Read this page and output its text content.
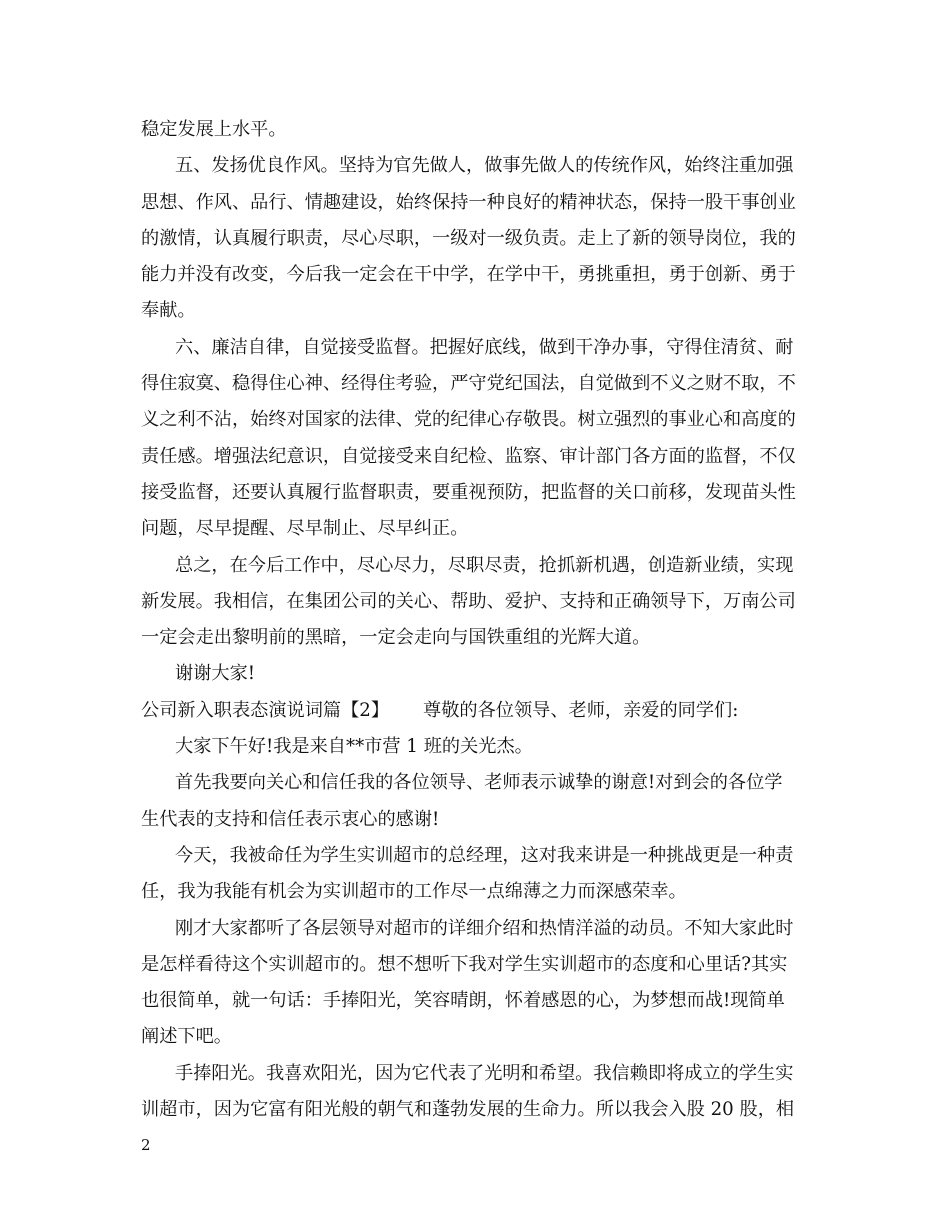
稳定发展上水平。
五、发扬优良作风。坚持为官先做人，做事先做人的传统作风，始终注重加强
思想、作风、品行、情趣建设，始终保持一种良好的精神状态，保持一股干事创业
的激情，认真履行职责，尽心尽职，一级对一级负责。走上了新的领导岗位，我的
能力并没有改变，今后我一定会在干中学，在学中干，勇挑重担，勇于创新、勇于
奉献。
六、廉洁自律，自觉接受监督。把握好底线，做到干净办事，守得住清贫、耐
得住寂寞、稳得住心神、经得住考验，严守党纪国法，自觉做到不义之财不取，不
义之利不沾，始终对国家的法律、党的纪律心存敬畏。树立强烈的事业心和高度的
责任感。增强法纪意识，自觉接受来自纪检、监察、审计部门各方面的监督，不仅
接受监督，还要认真履行监督职责，要重视预防，把监督的关口前移，发现苗头性
问题，尽早提醒、尽早制止、尽早纠正。
总之，在今后工作中，尽心尽力，尽职尽责，抢抓新机遇，创造新业绩，实现
新发展。我相信，在集团公司的关心、帮助、爱护、支持和正确领导下，万南公司
一定会走出黎明前的黑暗，一定会走向与国铁重组的光辉大道。
谢谢大家!
公司新入职表态演说词篇【2】 尊敬的各位领导、老师，亲爱的同学们:
大家下午好!我是来自**市营 1 班的关光杰。
首先我要向关心和信任我的各位领导、老师表示诚挚的谢意!对到会的各位学
生代表的支持和信任表示衷心的感谢!
今天，我被命任为学生实训超市的总经理，这对我来讲是一种挑战更是一种责
任，我为我能有机会为实训超市的工作尽一点绵薄之力而深感荣幸。
刚才大家都听了各层领导对超市的详细介绍和热情洋溢的动员。不知大家此时
是怎样看待这个实训超市的。想不想听下我对学生实训超市的态度和心里话?其实
也很简单，就一句话：手捧阳光，笑容晴朗，怀着感恩的心，为梦想而战!现简单
阐述下吧。
手捧阳光。我喜欢阳光，因为它代表了光明和希望。我信赖即将成立的学生实
训超市，因为它富有阳光般的朝气和蓬勃发展的生命力。所以我会入股 20 股，相
2
